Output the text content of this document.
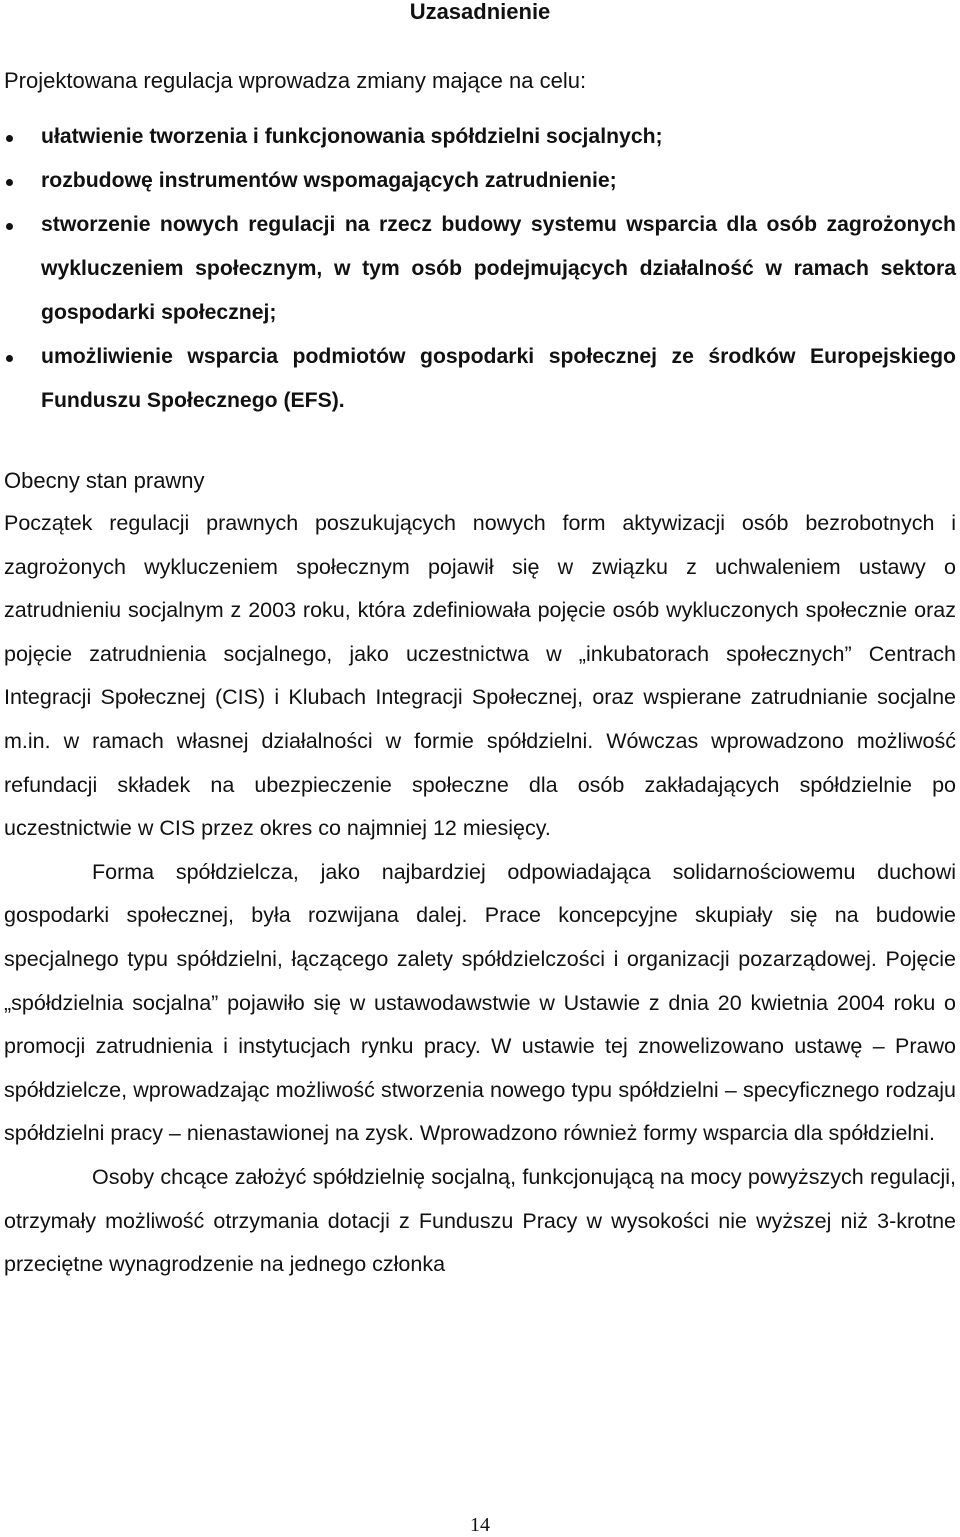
Uzasadnienie
Projektowana regulacja wprowadza zmiany mające na celu:
ułatwienie tworzenia i funkcjonowania spółdzielni socjalnych;
rozbudowę instrumentów wspomagających zatrudnienie;
stworzenie nowych regulacji na rzecz budowy systemu wsparcia dla osób zagrożonych wykluczeniem społecznym, w tym osób podejmujących działalność w ramach sektora gospodarki społecznej;
umożliwienie wsparcia podmiotów gospodarki społecznej ze środków Europejskiego Funduszu Społecznego (EFS).
Obecny stan prawny

Początek regulacji prawnych poszukujących nowych form aktywizacji osób bezrobotnych i zagrożonych wykluczeniem społecznym pojawił się w związku z uchwaleniem ustawy o zatrudnieniu socjalnym z 2003 roku, która zdefiniowała pojęcie osób wykluczonych społecznie oraz pojęcie zatrudnienia socjalnego, jako uczestnictwa w „inkubatorach społecznych” Centrach Integracji Społecznej (CIS) i Klubach Integracji Społecznej, oraz wspierane zatrudnianie socjalne m.in. w ramach własnej działalności w formie spółdzielni. Wówczas wprowadzono możliwość refundacji składek na ubezpieczenie społeczne dla osób zakładających spółdzielnie po uczestnictwie w CIS przez okres co najmniej 12 miesięcy.

Forma spółdzielcza, jako najbardziej odpowiadająca solidarnościowemu duchowi gospodarki społecznej, była rozwijana dalej. Prace koncepcyjne skupiały się na budowie specjalnego typu spółdzielni, łączącego zalety spółdzielczości i organizacji pozarządowej. Pojęcie „spółdzielnia socjalna” pojawiło się w ustawodawstwie w Ustawie z dnia 20 kwietnia 2004 roku o promocji zatrudnienia i instytucjach rynku pracy. W ustawie tej znowelizowano ustawę – Prawo spółdzielcze, wprowadzając możliwość stworzenia nowego typu spółdzielni – specyficznego rodzaju spółdzielni pracy – nienastawionej na zysk. Wprowadzono również formy wsparcia dla spółdzielni.

Osoby chcące założyć spółdzielnię socjalną, funkcjonującą na mocy powyższych regulacji, otrzymały możliwość otrzymania dotacji z Funduszu Pracy w wysokości nie wyższej niż 3-krotne przeciętne wynagrodzenie na jednego członka

14
